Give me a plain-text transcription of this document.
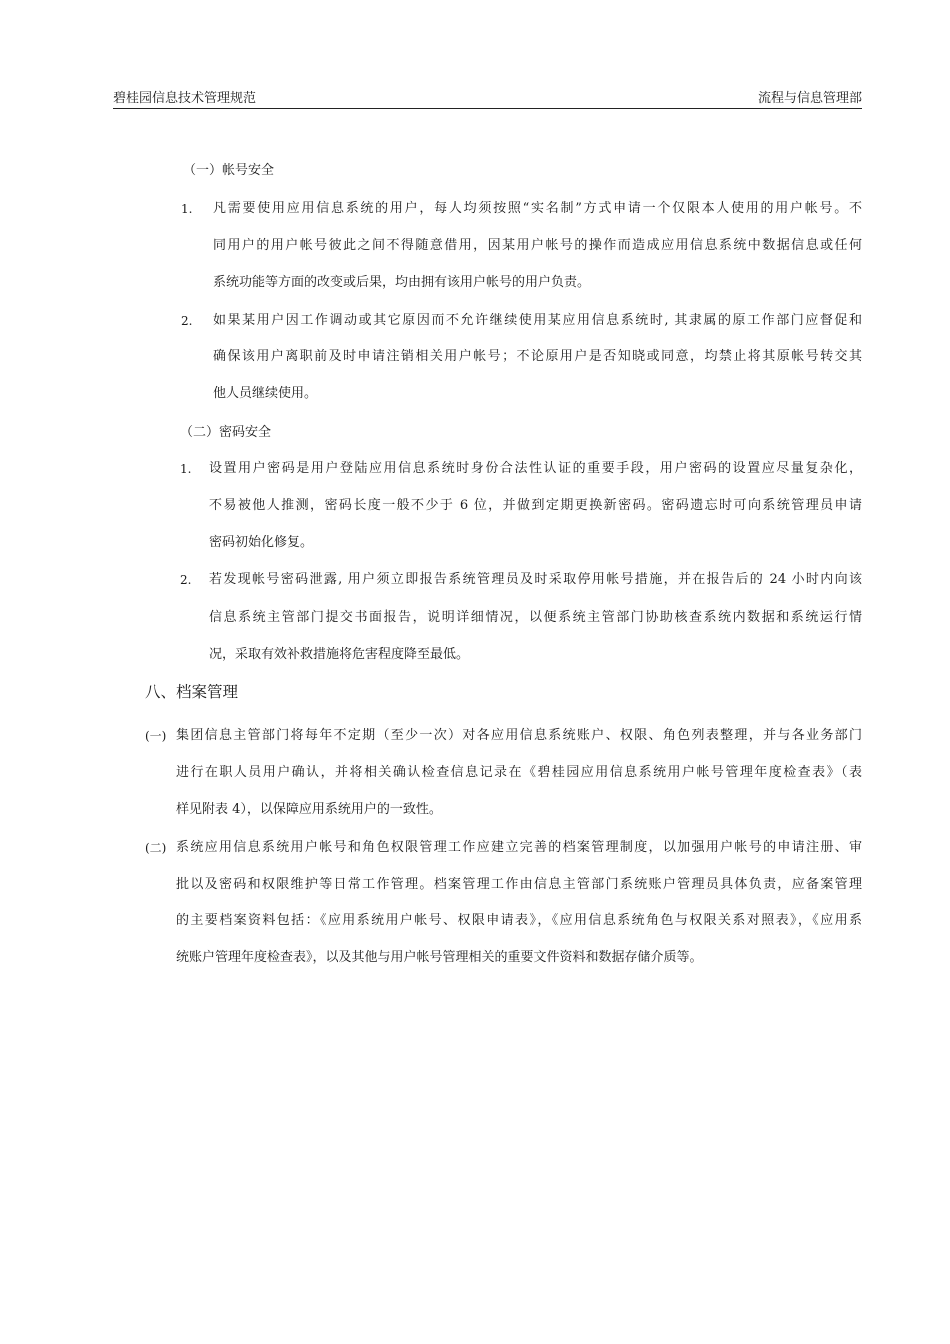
碧桂园信息技术管理规范	流程与信息管理部
（一）帐号安全
1. 凡需要使用应用信息系统的用户，每人均须按照“实名制”方式申请一个仅限本人使用的用户帐号。不
同用户的用户帐号彼此之间不得随意借用，因某用户帐号的操作而造成应用信息系统中数据信息或任何
系统功能等方面的改变或后果，均由拥有该用户帐号的用户负责。
2. 如果某用户因工作调动或其它原因而不允许继续使用某应用信息系统时, 其隶属的原工作部门应督促和
确保该用户离职前及时申请注销相关用户帐号；不论原用户是否知晓或同意，均禁止将其原帐号转交其
他人员继续使用。
（二）密码安全
1. 设置用户密码是用户登陆应用信息系统时身份合法性认证的重要手段，用户密码的设置应尽量复杂化，
不易被他人推测，密码长度一般不少于 6 位，并做到定期更换新密码。密码遗忘时可向系统管理员申请
密码初始化修复。
2. 若发现帐号密码泄露, 用户须立即报告系统管理员及时采取停用帐号措施，并在报告后的 24 小时内向该
信息系统主管部门提交书面报告，说明详细情况，以便系统主管部门协助核查系统内数据和系统运行情
况，采取有效补救措施将危害程度降至最低。
八、档案管理
(一) 集团信息主管部门将每年不定期（至少一次）对各应用信息系统账户、权限、角色列表整理，并与各业务部门
进行在职人员用户确认，并将相关确认检查信息记录在《碧桂园应用信息系统用户帐号管理年度检查表》（表
样见附表 4），以保障应用系统用户的一致性。
(二) 系统应用信息系统用户帐号和角色权限管理工作应建立完善的档案管理制度，以加强用户帐号的申请注册、审
批以及密码和权限维护等日常工作管理。档案管理工作由信息主管部门系统账户管理员具体负责，应备案管理
的主要档案资料包括：《应用系统用户帐号、权限申请表》，《应用信息系统角色与权限关系对照表》，《应用系
统账户管理年度检查表》，以及其他与用户帐号管理相关的重要文件资料和数据存储介质等。
